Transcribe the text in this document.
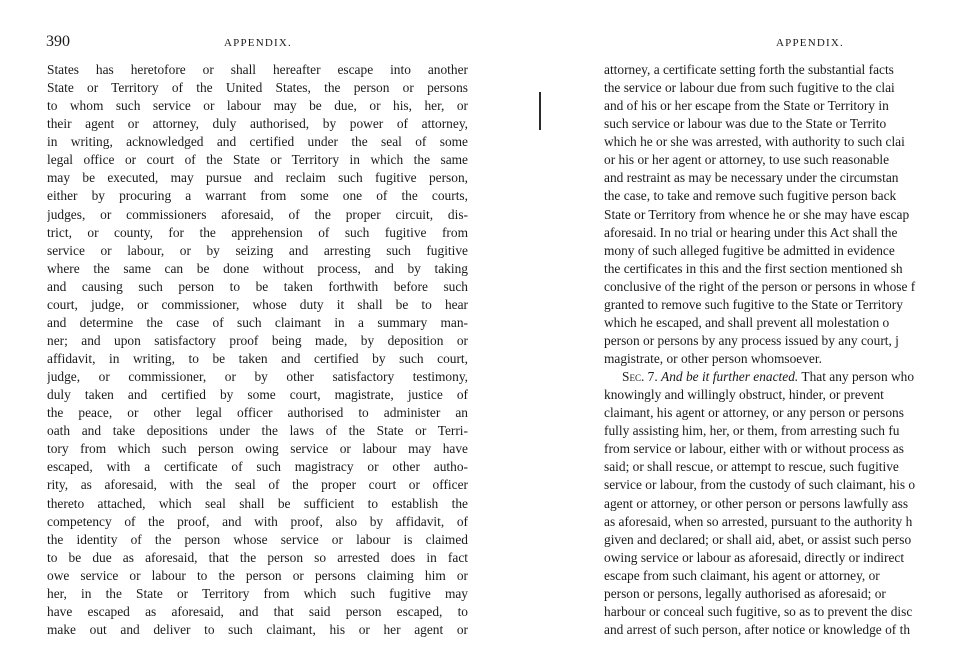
390	APPENDIX.
States has heretofore or shall hereafter escape into another
State or Territory of the United States, the person or persons
to whom such service or labour may be due, or his, her, or
their agent or attorney, duly authorised, by power of attorney,
in writing, acknowledged and certified under the seal of some
legal office or court of the State or Territory in which the same
may be executed, may pursue and reclaim such fugitive person,
either by procuring a warrant from some one of the courts,
judges, or commissioners aforesaid, of the proper circuit, dis-
trict, or county, for the apprehension of such fugitive from
service or labour, or by seizing and arresting such fugitive
where the same can be done without process, and by taking
and causing such person to be taken forthwith before such
court, judge, or commissioner, whose duty it shall be to hear
and determine the case of such claimant in a summary man-
ner; and upon satisfactory proof being made, by deposition or
affidavit, in writing, to be taken and certified by such court,
judge, or commissioner, or by other satisfactory testimony,
duly taken and certified by some court, magistrate, justice of
the peace, or other legal officer authorised to administer an
oath and take depositions under the laws of the State or Terri-
tory from which such person owing service or labour may have
escaped, with a certificate of such magistracy or other autho-
rity, as aforesaid, with the seal of the proper court or officer
thereto attached, which seal shall be sufficient to establish the
competency of the proof, and with proof, also by affidavit, of
the identity of the person whose service or labour is claimed
to be due as aforesaid, that the person so arrested does in fact
owe service or labour to the person or persons claiming him or
her, in the State or Territory from which such fugitive may
have escaped as aforesaid, and that said person escaped, to
make out and deliver to such claimant, his or her agent or
APPENDIX.
attorney, a certificate setting forth the substantial facts
the service or labour due from such fugitive to the clai
and of his or her escape from the State or Territory in
such service or labour was due to the State or Territo
which he or she was arrested, with authority to such clai
or his or her agent or attorney, to use such reasonable
and restraint as may be necessary under the circumstan
the case, to take and remove such fugitive person back
State or Territory from whence he or she may have escap
aforesaid. In no trial or hearing under this Act shall the
mony of such alleged fugitive be admitted in evidence
the certificates in this and the first section mentioned sh
conclusive of the right of the person or persons in whose f
granted to remove such fugitive to the State or Territory
which he escaped, and shall prevent all molestation o
person or persons by any process issued by any court, j
magistrate, or other person whomsoever.
Sec. 7. And be it further enacted. That any person who
knowingly and willingly obstruct, hinder, or prevent
claimant, his agent or attorney, or any person or persons
fully assisting him, her, or them, from arresting such fu
from service or labour, either with or without process as
said; or shall rescue, or attempt to rescue, such fugitive
service or labour, from the custody of such claimant, his o
agent or attorney, or other person or persons lawfully ass
as aforesaid, when so arrested, pursuant to the authority h
given and declared; or shall aid, abet, or assist such perso
owing service or labour as aforesaid, directly or indirect
escape from such claimant, his agent or attorney, or
person or persons, legally authorised as aforesaid; or
harbour or conceal such fugitive, so as to prevent the disc
and arrest of such person, after notice or knowledge of th
